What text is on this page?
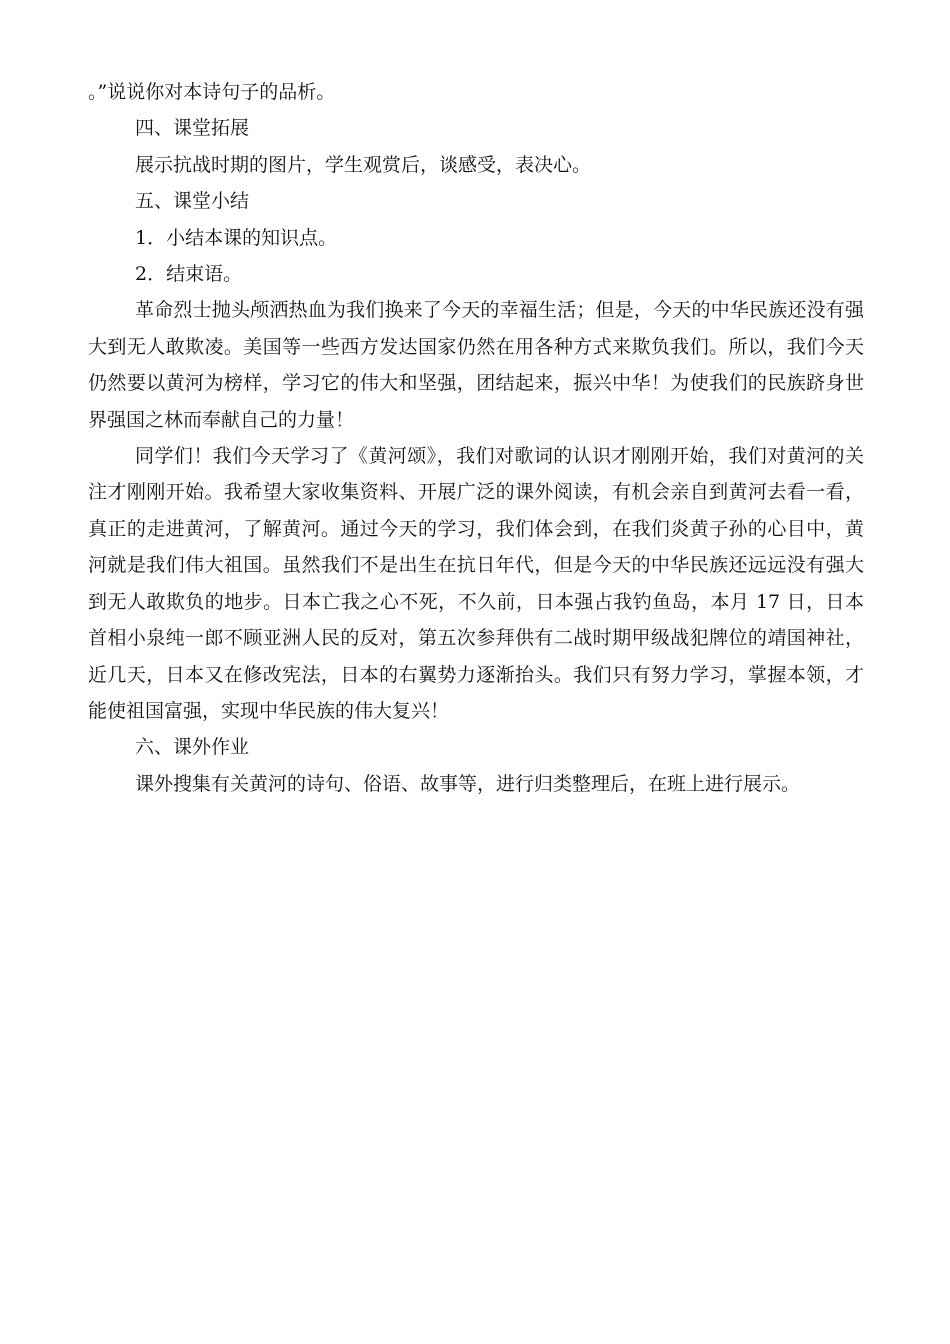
。”说说你对本诗句子的品析。

四、课堂拓展

展示抗战时期的图片，学生观赏后，谈感受，表决心。

五、课堂小结

1．小结本课的知识点。

2．结束语。

革命烈士抛头颅洒热血为我们换来了今天的幸福生活；但是，今天的中华民族还没有强大到无人敢欺凌。美国等一些西方发达国家仍然在用各种方式来欺负我们。所以，我们今天仍然要以黄河为榜样，学习它的伟大和坚强，团结起来，振兴中华！为使我们的民族跻身世界强国之林而奉献自己的力量！

同学们！我们今天学习了《黄河颂》，我们对歌词的认识才刚刚开始，我们对黄河的关注才刚刚开始。我希望大家收集资料、开展广泛的课外阅读，有机会亲自到黄河去看一看，真正的走进黄河，了解黄河。通过今天的学习，我们体会到，在我们炎黄子孙的心目中，黄河就是我们伟大祖国。虽然我们不是出生在抗日年代，但是今天的中华民族还远远没有强大到无人敢欺负的地步。日本亡我之心不死，不久前，日本强占我钓鱼岛，本月 17 日，日本首相小泉纯一郎不顾亚洲人民的反对，第五次参拜供有二战时期甲级战犯牌位的靖国神社，近几天，日本又在修改宪法，日本的右翼势力逐渐抬头。我们只有努力学习，掌握本领，才能使祖国富强，实现中华民族的伟大复兴！

六、课外作业

课外搜集有关黄河的诗句、俗语、故事等，进行归类整理后，在班上进行展示。
